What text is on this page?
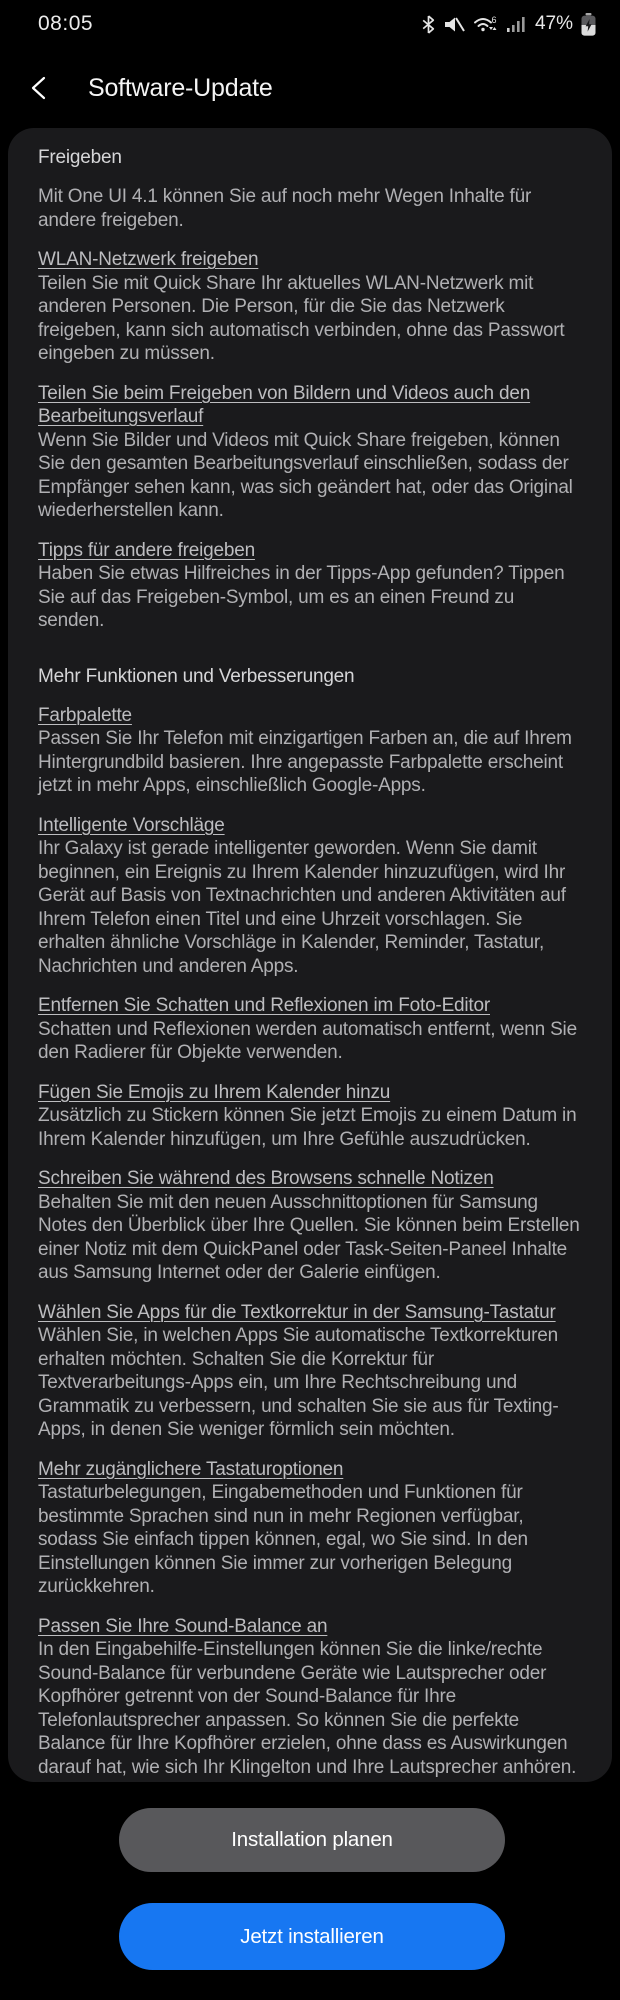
08:05	6 47%
Software-Update
Freigeben
Mit One UI 4.1 können Sie auf noch mehr Wegen Inhalte für andere freigeben.
WLAN-Netzwerk freigeben
Teilen Sie mit Quick Share Ihr aktuelles WLAN-Netzwerk mit anderen Personen. Die Person, für die Sie das Netzwerk freigeben, kann sich automatisch verbinden, ohne das Passwort eingeben zu müssen.
Teilen Sie beim Freigeben von Bildern und Videos auch den Bearbeitungsverlauf
Wenn Sie Bilder und Videos mit Quick Share freigeben, können Sie den gesamten Bearbeitungsverlauf einschließen, sodass der Empfänger sehen kann, was sich geändert hat, oder das Original wiederherstellen kann.
Tipps für andere freigeben
Haben Sie etwas Hilfreiches in der Tipps-App gefunden? Tippen Sie auf das Freigeben-Symbol, um es an einen Freund zu senden.
Mehr Funktionen und Verbesserungen
Farbpalette
Passen Sie Ihr Telefon mit einzigartigen Farben an, die auf Ihrem Hintergrundbild basieren. Ihre angepasste Farbpalette erscheint jetzt in mehr Apps, einschließlich Google-Apps.
Intelligente Vorschläge
Ihr Galaxy ist gerade intelligenter geworden. Wenn Sie damit beginnen, ein Ereignis zu Ihrem Kalender hinzuzufügen, wird Ihr Gerät auf Basis von Textnachrichten und anderen Aktivitäten auf Ihrem Telefon einen Titel und eine Uhrzeit vorschlagen. Sie erhalten ähnliche Vorschläge in Kalender, Reminder, Tastatur, Nachrichten und anderen Apps.
Entfernen Sie Schatten und Reflexionen im Foto-Editor
Schatten und Reflexionen werden automatisch entfernt, wenn Sie den Radierer für Objekte verwenden.
Fügen Sie Emojis zu Ihrem Kalender hinzu
Zusätzlich zu Stickern können Sie jetzt Emojis zu einem Datum in Ihrem Kalender hinzufügen, um Ihre Gefühle auszudrücken.
Schreiben Sie während des Browsens schnelle Notizen
Behalten Sie mit den neuen Ausschnittoptionen für Samsung Notes den Überblick über Ihre Quellen. Sie können beim Erstellen einer Notiz mit dem QuickPanel oder Task-Seiten-Paneel Inhalte aus Samsung Internet oder der Galerie einfügen.
Wählen Sie Apps für die Textkorrektur in der Samsung-Tastatur
Wählen Sie, in welchen Apps Sie automatische Textkorrekturen erhalten möchten. Schalten Sie die Korrektur für Textverarbeitungs-Apps ein, um Ihre Rechtschreibung und Grammatik zu verbessern, und schalten Sie sie aus für Texting-Apps, in denen Sie weniger förmlich sein möchten.
Mehr zugänglichere Tastaturoptionen
Tastaturbelegungen, Eingabemethoden und Funktionen für bestimmte Sprachen sind nun in mehr Regionen verfügbar, sodass Sie einfach tippen können, egal, wo Sie sind. In den Einstellungen können Sie immer zur vorherigen Belegung zurückkehren.
Passen Sie Ihre Sound-Balance an
In den Eingabehilfe-Einstellungen können Sie die linke/rechte Sound-Balance für verbundene Geräte wie Lautsprecher oder Kopfhörer getrennt von der Sound-Balance für Ihre Telefonlautsprecher anpassen. So können Sie die perfekte Balance für Ihre Kopfhörer erzielen, ohne dass es Auswirkungen darauf hat, wie sich Ihr Klingelton und Ihre Lautsprecher anhören.
Installation planen
Jetzt installieren
